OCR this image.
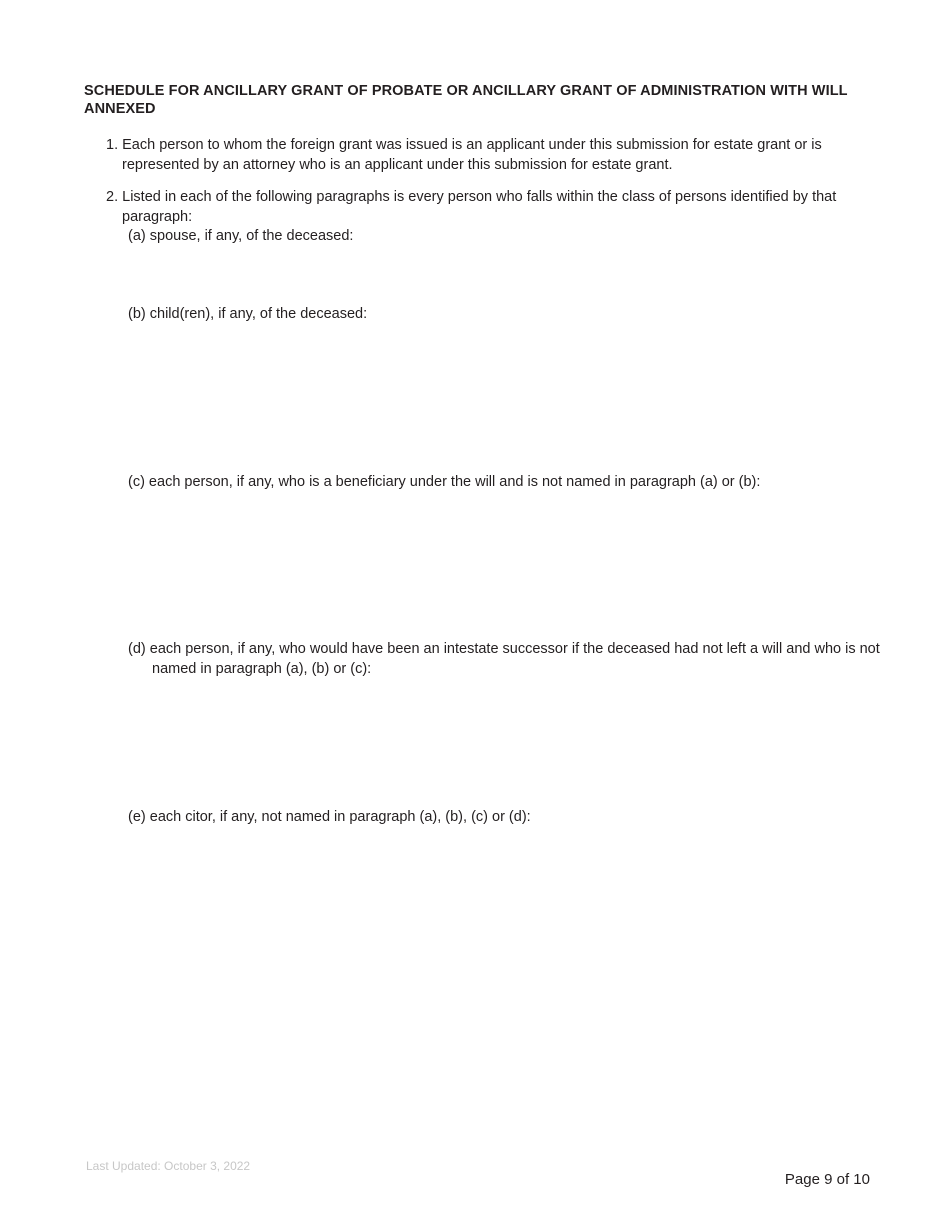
SCHEDULE FOR ANCILLARY GRANT OF PROBATE OR ANCILLARY GRANT OF ADMINISTRATION WITH WILL ANNEXED
1. Each person to whom the foreign grant was issued is an applicant under this submission for estate grant or is represented by an attorney who is an applicant under this submission for estate grant.
2. Listed in each of the following paragraphs is every person who falls within the class of persons identified by that paragraph:
(a) spouse, if any, of the deceased:
(b) child(ren), if any, of the deceased:
(c) each person, if any, who is a beneficiary under the will and is not named in paragraph (a) or (b):
(d) each person, if any, who would have been an intestate successor if the deceased had not left a will and who is not named in paragraph (a), (b) or (c):
(e) each citor, if any, not named in paragraph (a), (b), (c) or (d):
Last Updated: October 3, 2022
Page 9 of 10
